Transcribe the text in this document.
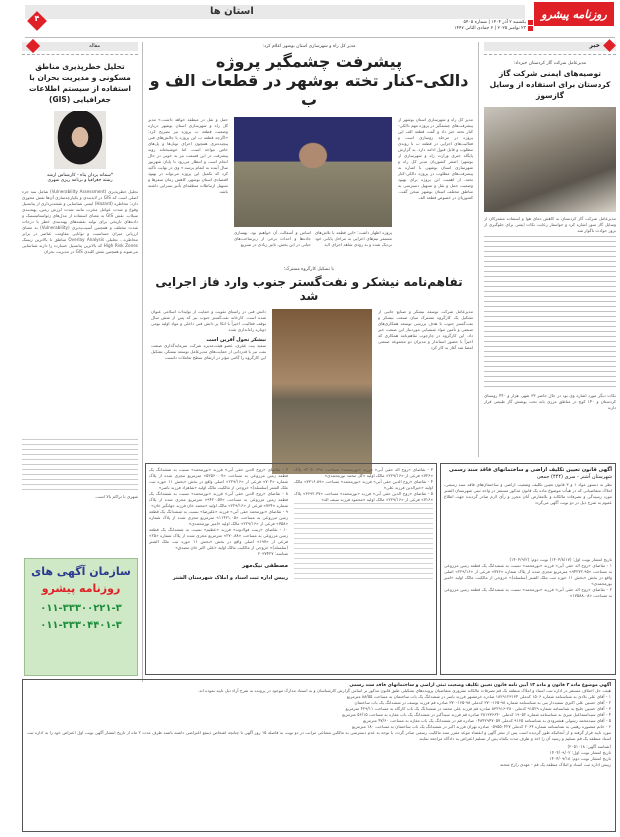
روزنامه پیشرو
یکشنبه ۲ آذر ۱۴۰۴ | شماره ۵۴۰۵
۲۳ نوامبر ۲۰۲۵ | ۲ جمادی الثانی ۱۴۴۷
استان ها
۴
خبر
مدیرعامل شرکت گاز کردستان خبرداد:
توصیه‌های ایمنی شرکت گاز کردستان برای استفاده از وسایل گازسوز
مدیرعامل شرکت گاز کردستان به کاهش دمای هوا و استفاده مشترکان از وسایل گاز سوز اشاره کرد و خواستار رعایت نکات ایمنی برای جلوگیری از بروز حوادث ناگوار شد
نکات دیگر مورد اشاره وی بود در حال حاضر ۳۳ شهر، هزار و ۴۴۰ روستای کردستان و ۱۴۰ کوچ در مناطق مرزی یانه تحت پوشش گاز طبیعی قرار دارند
مدیر کل راه و شهرسازی استان بوشهر اعلام کرد:
پیشرفت چشمگیر پروژه
دالکی–کنار تخته بوشهر در قطعات الف و ب
مدیر کل راه و شهرسازی استان بوشهر از پیشرفت‌های چشمگیر در پروژه مهم دالکی-کنار تخته خبر داد و گفت قطعه الف این پروژه در مرحله روسازی است و فعالیت‌های اجرایی در قطعه ب با روندی مطلوب و قابل قبول ادامه دارد. به گزارش پایگاه خبری وزارت راه و شهرسازی از بوشهر؛ اصغر کشوریان مدیر کل راه و شهرسازی استان بوشهر، با اشاره به پیشرفت‌های مطلوب در پروژه دالکی-کنار تخته، از اهمیت این پروژه برای بهبود وضعیت حمل و نقل و تسهیل دسترسی به مناطق مختلف استان بوشهر سخن گفت. کشوریان در خصوص قطعه الف
پروژه اظهار داشت: «این قطعه با تلاش‌های مستمر تیم‌های اجرایی به مراحل پایانی خود نزدیک شده و به زودی شاهد اجرای لایه
اساس و آسفالت آن خواهیم بود. بهسازی جاده‌ها و احداث برخی از زیرساخت‌های حیاتی در این بخش، تاثیر زیادی در تسریع
حمل و نقل در منطقه خواهد داشت.» مدیر کل راه و شهرسازی استان بوشهر درباره وضعیت قطعه ب پروژه نیز تصریح کرد: «اگرچه قطعه ب این پروژه با چالش‌های فنی پیچیده‌تری همچون اجرای تونل‌ها و پل‌های خاص مواجه است، اما خوشبختانه روند پیشرفت در این قسمت نیز به خوبی در حال انجام است و انتظار می‌رود تا پایان شهریور سال آینده به اتمام برسد.» وی در نهایت تأکید کرد که تکمیل این پروژه می‌تواند در بهبود اقتصادی استان بوشهر، کاهش زمان سفرها و تسهیل ارتباطات منطقه‌ای تأثیر بسزایی داشته باشد.
با تشکیل کارگروه مشترک؛
تفاهم‌نامه نیشکر و نفت‌گستر جنوب وارد فاز اجرایی شد
مدیرعامل شرکت توسعه نیشکر و صنایع جانبی از تشکیل یک کارگروه مشترک میان صنعت نیشکر و نفت‌گستر جنوب با هدف بررسی توسعه همکاری‌های صنعتی و تأمین مواد شیمیایی موردنیاز این صنعت خبر داد. این کارگروه در چارچوب تفاهم‌نامه همکاری که اخیراً با حضور استاندار و مدیران دو مجموعه صنعتی امضا شد آغاز به کار کرد
دانش فنی در راستای تقویت و حمایت از تولیدات اسلامی عنوان شده است. کارخانه نفت‌گستر جنوب نیز که پس از شش سال توقف فعالیت، اخیراً با اتکا بر دانش فنی داخلی و مواد اولیه بومی دوباره راه‌اندازی شده
نیشکر تحول آفرین است
سعید بیت عقری، عضو هیئت‌مدیره شرکت سرمایه‌گذاری صنعت نفت نیز با قدردانی از حمایت‌های مدیرعامل توسعه نیشکر، تشکیل این کارگروه را گامی مؤثر در ارتقای سطح تعاملات دانست
مقاله
تحلیل خطرپذیری مناطق مسکونی و مدیریت بحران با استفاده از سیستم اطلاعات جغرافیایی (GIS)
*سمانه یزدان پناه - کارشناس ارشد
رشته جغرافیا و برنامه ریزی شهری
تحلیل خطرپذیری (Vulnerability Assessment) شامل سه جزء اصلی است که GIS در لایه‌بندی و یکپارچه‌سازی آن‌ها نقش محوری دارد: مخاطره (Hazard) ایمنی شناسایی و نقشه‌برداری از پتانسیل وقوع و شدت عوامل مخرب مانند شدت لرزش زمین، پهنه‌بندی سیلاب. نقش GIS به معنای استفاده از مدل‌های ژئواستاتیستیک و داده‌های تاریخی برای تولید نقشه‌های پهنه‌بندی خطر با درجات شدت مختلف و همچنین آسیب‌پذیری (Vulnerability) به معنای ارزیابی میزان حساسیت و توانایی مقاومت عناصر در برابر مخاطره... تحلیلی Overlay Analysis مناطق با بالاترین ریسک High Risk Zones که بالاترین پتانسیل خسارت را دارند شناسایی می‌شوند و همچنین نقش کلیدی GIS در مدیریت بحران
شهری با تراکم بالا است.
سازمان آگهی های
روزنامه پیشرو
۰۱۱-۳۳۳۰۰۲۲۱-۳
۰۱۱-۳۳۳۰۴۴۰۱-۳
آگهی قانون تعیین تکلیف اراضی و ساختمانهای فاقد سند رسمی
شهرستان آشتر - سری (۴۴۴) جمعی
نظر به دستور مواد ۱ و ۳ قانون تعیین تکلیف وضعیت اراضی و ساختمان‌های فاقد سند رسمی، املاک متقاضیانی که در هیأت موضوع ماده یک قانون مذکور مستقر در واحد ثبتی شهرستان الشتر مورد رسیدگی و تصرفات مالکانه و بلامعارض آنان محرز و رأی لازم صادر گردیده جهت اطلاع عموم به شرح ذیل در دو نوبت آگهی می‌گردد
تاریخ انتشار نوبت اول: (۱۴۰۴/۸/۱۷) نوبت دوم: (۱۴۰۴/۹/۲)
۱ - تقاضای «روح اله حقی آبی» فرزند «نورمحمد» نسبت به ششدانگ یک قطعه زمین مزروعی به مساحت «۹۴۲۷۲.۹۵» مترمربع مجزی شده از پلاک شماره «۷۷۶» فرعی از «۲۲۹/۱۶» اصلی واقع در بخش «بخش ۱۱ حوزه ثبت ملک الشتر (سلسله)» خروجی از مالکیت مالک اولیه «امیر نورمحمدی»
۲ - تقاضای «روح اله حقی آبی» فرزند «نورمحمد» نسبت به ششدانگ یک قطعه زمین مزروعی به مساحت «۱۷۵۸۸.۰۸»
۳ - تقاضای «روح اله حقی آبی» فرزند «نورمحمد» مساحت «۴۰۵۰.۳۹» پلاک «۷۲۶» فرعی از «۲۲۹/۱۶» مالک اولیه «گل محمد نورمحمدی»
۴ - تقاضای «روح الدین حقی آبی» فرزند «نورمحمد» مساحت «۷۳۱۶.۸۹» مالک اولیه «خیرالدین فرزند علی»
۵ - تقاضای «روح الدین حقی آبی» فرزند «نورمحمد» مساحت «۳۶۹۲.۳۷» پلاک «۷۱۶» فرعی از «۲۲۹/۱۶» مالک اولیه «محمود فرزند سیف اله»
۷ - تقاضای «روح الدین حقی آبی» فرزند «نورمحمد» نسبت به ششدانگ یک قطعه زمین مزروعی به مساحت «۵۲۵۶۰.۰۷» مترمربع مجزی شده از پلاک شماره «۷۰۴» فرعی از «۲۲۹/۱۶» اصلی واقع در بخش «بخش ۱۱ حوزه ثبت ملک الشتر (سلسله)» خروجی از مالکیت مالک اولیه «شاهزاد فرزند ناصر»
۸ - تقاضای «روح الدین حقی آبی» فرزند «نورمحمد» نسبت به ششدانگ یک قطعه زمین مزروعی به مساحت «۹۴۲۰.۵۷» مترمربع مجزی شده از پلاک شماره «۷۳۴» فرعی از «۲۲۹/۱۶» مالک اولیه «محمد خان فرزند جهانگیر خان»
۹ - تقاضای «نورمحمد حقی آبی» فرزند «علیرضا» نسبت به ششدانگ یک قطعه زمین مزروعی به مساحت «۱۱۴۲۱.۰۵» مترمربع مجزی شده از پلاک شماره «۷۵۸» فرعی از «۲۲۹/۱۶» مالک اولیه «امیر نورمحمدی»
۱۰ - تقاضای «زینب فولادوند» فرزند «عظیم» نسبت به ششدانگ یک قطعه زمین مزروعی به مساحت «۲۷۰.۸۸» مترمربع مجزی شده از پلاک شماره «۲۵» فرعی از «۱۹۷» اصلی واقع در بخش «بخش ۱۱ حوزه ثبت ملک الشتر (سلسله)» خروجی از مالکیت مالک اولیه «علی اکبر خان مصدق»
شناسه: ۲۰۳۷۴۲۷
مصطفی نیک‌مهر
رییس اداره ثبت اسناد و املاک شهرستان الشتر
آگهی موضوع ماده ۳ قانون و ماده ۱۳ آیین نامه قانون تعیین تکلیف وضعیت ثبتی اراضی و ساختمانهای فاقد سند رسمی
هیئت حل اختلاف مستقر در اداره ثبت اسناد و املاک منطقه یک قم تصرفات مالکانه مفروزی متقاضیان پرونده‌های تشکیلی طبق قانون مذکور بر اساس گزارش کارشناسان و به استناد مدارک موجود در پرونده به شرح آراء ذیل تایید نموده اند.
۱ - آقای علی بلادی به شناسنامه شماره ۱۵۰۶ کدملی ۱۸۲۹۱۲۳۱۳۴ صادره خرمشهر فرزند یاسر در ششدانگ یک باب ساختمان به مساحت ۸۸/۵۵ مترمربع
۲ - آقای حسین علی اکبری سفیددار بنی به شناسنامه شماره ۹۸-۱۶۵-۳۷۰ کدملی ۹۸-۱۶۵-۳۷۰ صادره قم فرزند یوسف در ششدانگ یک باب ساختمان
۳ - آقای حسین جلیح به شناسنامه شماره ۹۱۵۲۹ کدملی ۲۸۰-۸۳۲۹۱۶ صادره قم فرزند علی محمد در ششدانگ یک باب کارگاه به مساحت ۴۲۹/۱۱ مترمربع
۴ - آقای سیداسماعیل میری به شناسنامه شماره ۱۹۰۵۲ کدملی ۲۸۱۳۳۶۶۴۰ صادره قم فرزند سیدآکبر در ششدانگ یک باب مغازه به مساحت ۵۶/۱۵ مترمربع
۵ - آقای سیدمحمد رسولی هشترودی به شناسنامه ۹۱۶۵ کدملی ۰۴۸۴۲۹۴۷۰۵۷ صادره قم در ششدانگ یک باب مغازه به مساحت ۴۷/۶۰ مترمربع
۶ - خانم منصوره رهبنی به شناسنامه شماره ۲۰۶۴ کدملی ۰۵۹۵۵۰۴۲۷ صادره تهران فرزند اکبر در ششدانگ یک باب ساختمان به مساحت ۱۸۰ مترمربع
مورد تایید قرار گرفته و از آنجائیکه طور گردیده است پس از نشر آگهی و انقضاء موعد مقرر سند مالکیت رسمی صادر گردد، با توجه به عدم دسترسی به مالکین مشاعی مراتب در دو نوبت به فاصله ۱۵ روز آگهی تا چنانچه اشخاص ذینفع اعتراضی داشته باشند ظرف مدت ۲ ماه از تاریخ انتشار آگهی نوبت اول اعتراض خود را به اداره ثبت اسناد منطقه یک قم تسلیم و رسید آن را اخذ و ظرف مدت یکماه پس از تسلیم اعتراض به دادگاه مراجعه نمایند
(شناسه آگهی: ۲۰۵۱۰۱۸)
تاریخ انتشار نوبت اول: ۱۴۰۴/۰۹/۰۲
تاریخ انتشار نوبت دوم: ۱۴۰۴/۰۹/۱۸
رییس اداره ثبت اسناد و املاک منطقه یک قم - مهدی زارع شحنه
